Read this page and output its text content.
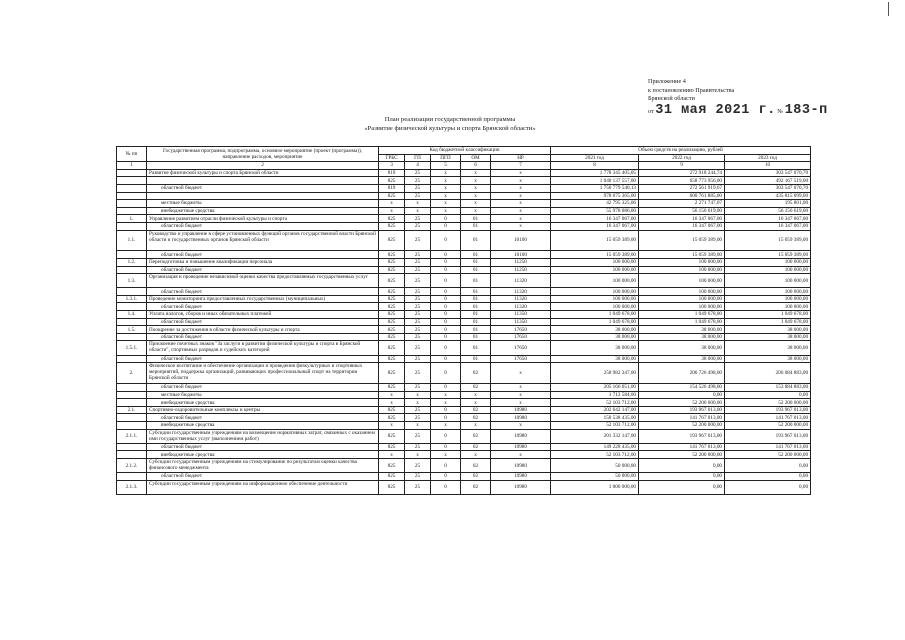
Приложение 4
к постановлению Правительства
Брянской области
от 31 мая 2021 г. № 183-п
План реализации государственной программы
«Развитие физической культуры и спорта Брянской области»
№ пп	Государственная программа, подпрограмма, основное мероприятие (проект (программа)), направление расходов, мероприятие	Код бюджетной классификации					Объем средств на реализацию, рублей		
		ГРБС	ГП	ПГП	ОМ	НР	2021 год	2022 год	2023 год
1	2	3	4	5	6	7	8	9	10
	Развитие физической культуры и спорта Брянской области	819	25	х	х	х	1 778 345 405,05	272 918 244,74	303 547 070,70
		825	25	х	х	х	1 040 137 557,00	658 773 956,00	492 167 519,00
	областной бюджет	819	25	х	х	х	1 750 779 540,13	272 561 919,67	303 547 070,70
		825	25	х	х	х	978 675 365,00	600 761 885,00	435 815 099,00
	местные бюджеты	х	х	х	х	х	42 795 325,06	2 271 747,07	195 801,00
	внебюджетные средства	х	х	х	х	х	55 978 086,00	56 156 619,00	56 156 619,00
1.	Управление развитием отрасли физической культуры и спорта	825	25	0	01	х	16 347 067,00	16 347 067,00	16 347 067,00
	областной бюджет	825	25	0	01	х	16 347 067,00	16 347 067,00	16 347 067,00
1.1.	Руководство и управление в сфере установленных функций органов государственной власти Брянской области и государственных органов Брянской области	825	25	0	01	10100	15 059 389,00	15 059 389,00	15 059 389,00
	областной бюджет	825	25	0	01	10100	15 059 389,00	15 059 389,00	15 059 389,00
1.2.	Переподготовка и повышение квалификации персонала	825	25	0	01	11250	100 000,00	100 000,00	100 000,00
	областной бюджет	825	25	0	01	11250	100 000,00	100 000,00	100 000,00
1.3.	Организация и проведение независимой оценки качества предоставляемых государственных услуг	825	25	0	01	11320	100 000,00	100 000,00	100 000,00
	областной бюджет	825	25	0	01	11320	100 000,00	100 000,00	100 000,00
1.3.1.	Проведение мониторинга предоставленных государственных (муниципальных)	825	25	0	01	11320	100 000,00	100 000,00	100 000,00
	областной бюджет	825	25	0	01	11320	100 000,00	100 000,00	100 000,00
1.4.	Уплата налогов, сборов и иных обязательных платежей	825	25	0	01	11350	1 049 678,00	1 049 678,00	1 049 678,00
	областной бюджет	825	25	0	01	11350	1 049 678,00	1 049 678,00	1 049 678,00
1.5.	Поощрение за достижения в области физической культуры и спорта	825	25	0	01	17650	38 000,00	38 000,00	38 000,00
	областной бюджет	825	25	0	01	17650	38 000,00	38 000,00	38 000,00
1.5.1.	Присвоение почетных знаков "За заслуги в развитии физической культуры и спорта в Брянской области", спортивных разрядов и судейских категорий	825	25	0	01	17650	38 000,00	38 000,00	38 000,00
	областной бюджет	825	25	0	01	17650	38 000,00	38 000,00	38 000,00
2.	Физическое воспитание и обеспечение организации и проведения физкультурных и спортивных мероприятий, поддержка организаций, развивающих профессиональный спорт на территории Брянской области	825	25	0	02	х	258 982 347,00	206 726 498,00	206 084 883,00
	областной бюджет	825	25	0	02	х	205 166 051,00	154 526 498,00	153 884 883,00
	местные бюджеты	х	х	х	х	х	1 712 584,00	0,00	0,00
	внебюджетные средства	х	х	х	х	х	52 103 712,00	52 200 000,00	52 200 000,00
2.1.	Спортивно-оздоровительные комплексы и центры	825	25	0	02	10980	202 642 147,00	193 967 013,00	193 967 013,00
	областной бюджет	825	25	0	02	10980	150 538 435,00	141 767 013,00	141 767 013,00
	внебюджетные средства	х	х	х	х	х	52 103 712,00	52 200 000,00	52 200 000,00
2.1.1.	Субсидии государственным учреждениям на возмещение нормативных затрат, связанных с оказанием ими государственных услуг (выполнением работ)	825	25	0	02	10980	201 332 147,00	193 967 013,00	193 967 013,00
	областной бюджет	825	25	0	02	10980	149 228 435,00	141 767 013,00	141 767 013,00
	внебюджетные средства	х	х	х	х	х	52 103 712,00	52 200 000,00	52 200 000,00
2.1.2.	Субсидии государственным учреждениям на стимулирование по результатам оценки качества финансового менеджмента	825	25	0	02	10980	50 000,00	0,00	0,00
	областной бюджет	825	25	0	02	10980	50 000,00	0,00	0,00
2.1.3.	Субсидии государственным учреждениям на информационное обеспечение деятельности	825	25	0	02	10980	1 000 000,00	0,00	0,00
